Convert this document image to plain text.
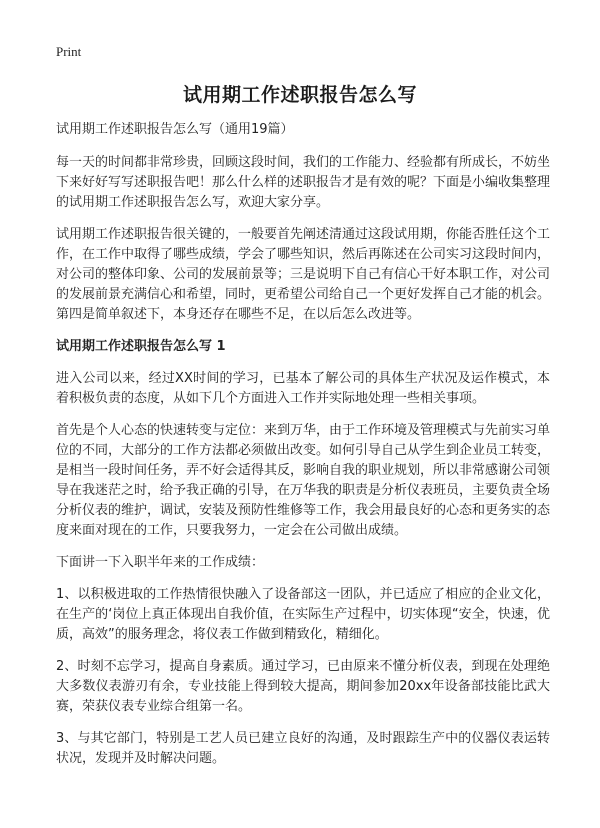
Print
试用期工作述职报告怎么写

试用期工作述职报告怎么写（通用19篇）

每一天的时间都非常珍贵，回顾这段时间，我们的工作能力、经验都有所成长，不妨坐下来好好写写述职报告吧！那么什么样的述职报告才是有效的呢？下面是小编收集整理的试用期工作述职报告怎么写，欢迎大家分享。

试用期工作述职报告很关键的，一般要首先阐述清通过这段试用期，你能否胜任这个工作，在工作中取得了哪些成绩，学会了哪些知识，然后再陈述在公司实习这段时间内，对公司的整体印象、公司的发展前景等；三是说明下自己有信心干好本职工作，对公司的发展前景充满信心和希望，同时，更希望公司给自己一个更好发挥自己才能的机会。第四是简单叙述下，本身还存在哪些不足，在以后怎么改进等。

试用期工作述职报告怎么写 1

进入公司以来，经过XX时间的学习，已基本了解公司的具体生产状况及运作模式，本着积极负责的态度，从如下几个方面进入工作并实际地处理一些相关事项。

首先是个人心态的快速转变与定位：来到万华，由于工作环境及管理模式与先前实习单位的不同，大部分的工作方法都必须做出改变。如何引导自己从学生到企业员工转变，是相当一段时间任务，弄不好会适得其反，影响自我的职业规划，所以非常感谢公司领导在我迷茫之时，给予我正确的引导，在万华我的职责是分析仪表班员，主要负责全场分析仪表的维护，调试，安装及预防性维修等工作，我会用最良好的心态和更务实的态度来面对现在的工作，只要我努力，一定会在公司做出成绩。

下面讲一下入职半年来的工作成绩：

1、以积极进取的工作热情很快融入了设备部这一团队，并已适应了相应的企业文化，在生产的‘岗位上真正体现出自我价值，在实际生产过程中，切实体现“安全，快速，优质，高效”的服务理念，将仪表工作做到精致化，精细化。

2、时刻不忘学习，提高自身素质。通过学习，已由原来不懂分析仪表，到现在处理绝大多数仪表游刃有余，专业技能上得到较大提高，期间参加20xx年设备部技能比武大赛，荣获仪表专业综合组第一名。

3、与其它部门，特别是工艺人员已建立良好的沟通，及时跟踪生产中的仪器仪表运转状况，发现并及时解决问题。
